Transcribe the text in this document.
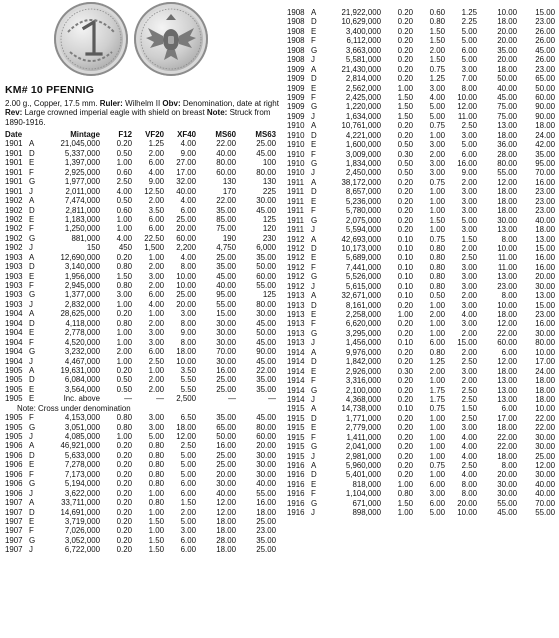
KM# 10 PFENNIG
2.00 g., Copper, 17.5 mm. Ruler: Wilhelm II Obv: Denomination, date at right Rev: Large crowned imperial eagle with shield on breast Note: Struck from 1890-1916.
Date	Mintage F12 VF20 XF40 MS60 MS63
1901 A	21,045,000 0.20 1.25 4.00	22.00	25.00
1901 D	5,337,000 0.50 2.00 9.00	40.00	45.00
1901 E	1,397,000 1.00 6.00 27.00	80.00	100
1901 F	2,925,000 0.60 4.00 17.00	60.00	80.00
1901 G	1,977,000 2.50 9.00 32.00	130	130
1901 J	2,011,000 4.00 12.50 40.00	170	225
1902 A	7,474,000 0.50 2.00 4.00	22.00	30.00
1902 D	2,811,000 0.60 3.50 6.00	35.00	45.00
1902 E	1,183,000 1.00 6.00 25.00	85.00	125
1902 F	1,250,000 1.00 6.00 20.00	75.00	120
1902 G	881,000 4.00 22.50 60.00	190	230
1902 J	150 450 1,500 2,200	4,750	6,000
1903 A	12,690,000 0.20 1.00 4.00	25.00	35.00
1903 D	3,140,000 0.80 2.00 8.00	35.00	50.00
1903 E	1,956,000 1.50 3.00 10.00	45.00	60.00
1903 F	2,945,000 0.80 2.00 10.00	40.00	55.00
1903 G	1,377,000 3.00 6.00 25.00	95.00	125
1903 J	2,832,000 1.00 4.00 20.00	55.00	80.00
1904 A	28,625,000 0.20 1.00 3.00	15.00	30.00
1904 D	4,118,000 0.80 2.00 8.00	30.00	45.00
1904 E	2,778,000 1.00 3.00 9.00	30.00	50.00
1904 F	4,520,000 1.00 3.00 8.00	30.00	45.00
1904 G	3,232,000 2.00 6.00 18.00	70.00	90.00
1904 J	4,467,000 1.00 2.50 10.00	30.00	45.00
1905 A	19,631,000 0.20 1.00 3.50	16.00	22.00
1905 D	6,084,000 0.50 2.00 5.50	25.00	35.00
1905 E	3,564,000 0.50 2.00 5.50	25.00	35.00
1905 E	Inc. above	—	— 2,500	—	—
Note: Cross under denomination
1905 F	4,153,000 0.80 3.00 6.50	35.00	45.00
1905 G	3,051,000 0.80 3.00 18.00	65.00	80.00
1905 J	4,085,000 1.00 5.00 12.00	50.00	60.00
1906 A	46,921,000 0.20 0.80 2.50	16.00	20.00
1906 D	5,633,000 0.20 0.80 5.00	25.00	30.00
1906 E	7,278,000 0.20 0.80 5.00	25.00	30.00
1906 F	7,173,000 0.20 0.80 5.00	20.00	30.00
1906 G	5,194,000 0.20 0.80 6.00	30.00	40.00
1906 J	3,622,000 0.20 1.00 6.00	40.00	55.00
1907 A	33,711,000 0.20 0.80 1.50	12.00	16.00
1907 D	14,691,000 0.20 1.00 2.00	12.00	18.00
1907 E	3,719,000 0.20 1.50 5.00	18.00	25.00
1907 F	7,026,000 0.20 1.00 3.00	18.00	23.00
1907 G	3,052,000 0.20 1.50 6.00	28.00	35.00
1907 J	6,722,000 0.20 1.50 6.00	18.00	25.00
1908 A	21,922,000 0.20 0.60 1.25	10.00 15.00
1908 D	10,629,000 0.20 0.80 2.25	18.00 23.00
1908 E	3,400,000 0.20 1.50 5.00	20.00 26.00
1908 F	6,112,000 0.20 1.50 5.00	20.00 26.00
1908 G	3,663,000 0.20 2.00 6.00	35.00 45.00
1908 J	5,581,000 0.20 1.50 5.00	20.00 26.00
1909 A	21,430,000 0.20 0.75 3.00	18.00 23.00
1909 D	2,814,000 0.20 1.25 7.00	50.00 65.00
1909 E	2,562,000 1.00 3.00 8.00	40.00 50.00
1909 F	2,425,000 1.50 4.00 10.00	45.00 60.00
1909 G	1,220,000 1.50 5.00 12.00	75.00 90.00
1909 J	1,634,000 1.50 5.00 11.00	75.00 90.00
1910 A	10,761,000 0.20 0.75 2.50	13.00 18.00
1910 D	4,221,000 0.20 1.00 3.00	18.00 24.00
1910 E	1,600,000 0.50 3.00 5.00	36.00 42.00
1910 F	3,009,000 0.30 2.00 6.00	28.00 35.00
1910 G	1,834,000 0.50 3.00 16.00	80.00 95.00
1910 J	2,450,000 0.50 3.00 9.00	55.00 70.00
1911 A	38,172,000 0.20 0.75 2.00	12.00 16.00
1911 D	8,657,000 0.20 1.00 3.00	18.00 23.00
1911 E	5,236,000 0.20 1.00 3.00	18.00 23.00
1911 F	5,780,000 0.20 1.00 3.00	18.00 23.00
1911 G	2,075,000 0.20 1.50 5.00	30.00 40.00
1911 J	5,594,000 0.20 1.00 3.00	13.00 18.00
1912 A	42,693,000 0.10 0.75 1.50	8.00 13.00
1912 D	10,173,000 0.10 0.80 2.00	10.00 15.00
1912 E	5,689,000 0.10 0.80 2.50	11.00 16.00
1912 F	7,441,000 0.10 0.80 3.00	11.00 16.00
1912 G	5,526,000 0.10 0.80 3.00	13.00 20.00
1912 J	5,615,000 0.10 0.80 3.00	23.00 30.00
1913 A	32,671,000 0.10 0.50 2.00	8.00 13.00
1913 D	8,161,000 0.20 1.00 3.00	10.00 15.00
1913 E	2,258,000 1.00 2.00 4.00	18.00 23.00
1913 F	6,620,000 0.20 1.00 3.00	12.00 16.00
1913 G	3,295,000 0.20 1.00 2.00	22.00 30.00
1913 J	1,456,000 0.10 6.00 15.00	60.00 80.00
1914 A	9,976,000 0.20 0.80 2.00	6.00 10.00
1914 D	1,842,000 0.20 1.25 2.50	12.00 17.00
1914 E	2,926,000 0.30 2.00 3.00	18.00 24.00
1914 F	3,316,000 0.20 1.00 2.00	13.00 18.00
1914 G	2,100,000 0.20 1.75 2.50	13.00 18.00
1914 J	4,368,000 0.20 1.75 2.50	13.00 18.00
1915 A	14,738,000 0.10 0.75 1.50	6.00 10.00
1915 D	1,771,000 0.20 1.00 2.50	17.00 22.00
1915 E	2,779,000 0.20 1.00 3.00	18.00 22.00
1915 F	1,411,000 0.20 1.00 4.00	22.00 30.00
1915 G	2,041,000 0.20 1.00 4.00	22.00 30.00
1915 J	2,981,000 0.20 1.00 4.00	18.00 25.00
1916 A	5,960,000 0.20 0.75 2.50	8.00 12.00
1916 D	5,401,000 0.20 1.00 4.00	20.00 30.00
1916 E	818,000 1.00 6.00 8.00	30.00 40.00
1916 F	1,104,000 0.80 3.00 8.00	30.00 40.00
1916 G	671,000 1.50 6.00 20.00	55.00 70.00
1916 J	898,000 1.00 5.00 10.00	45.00 55.00
